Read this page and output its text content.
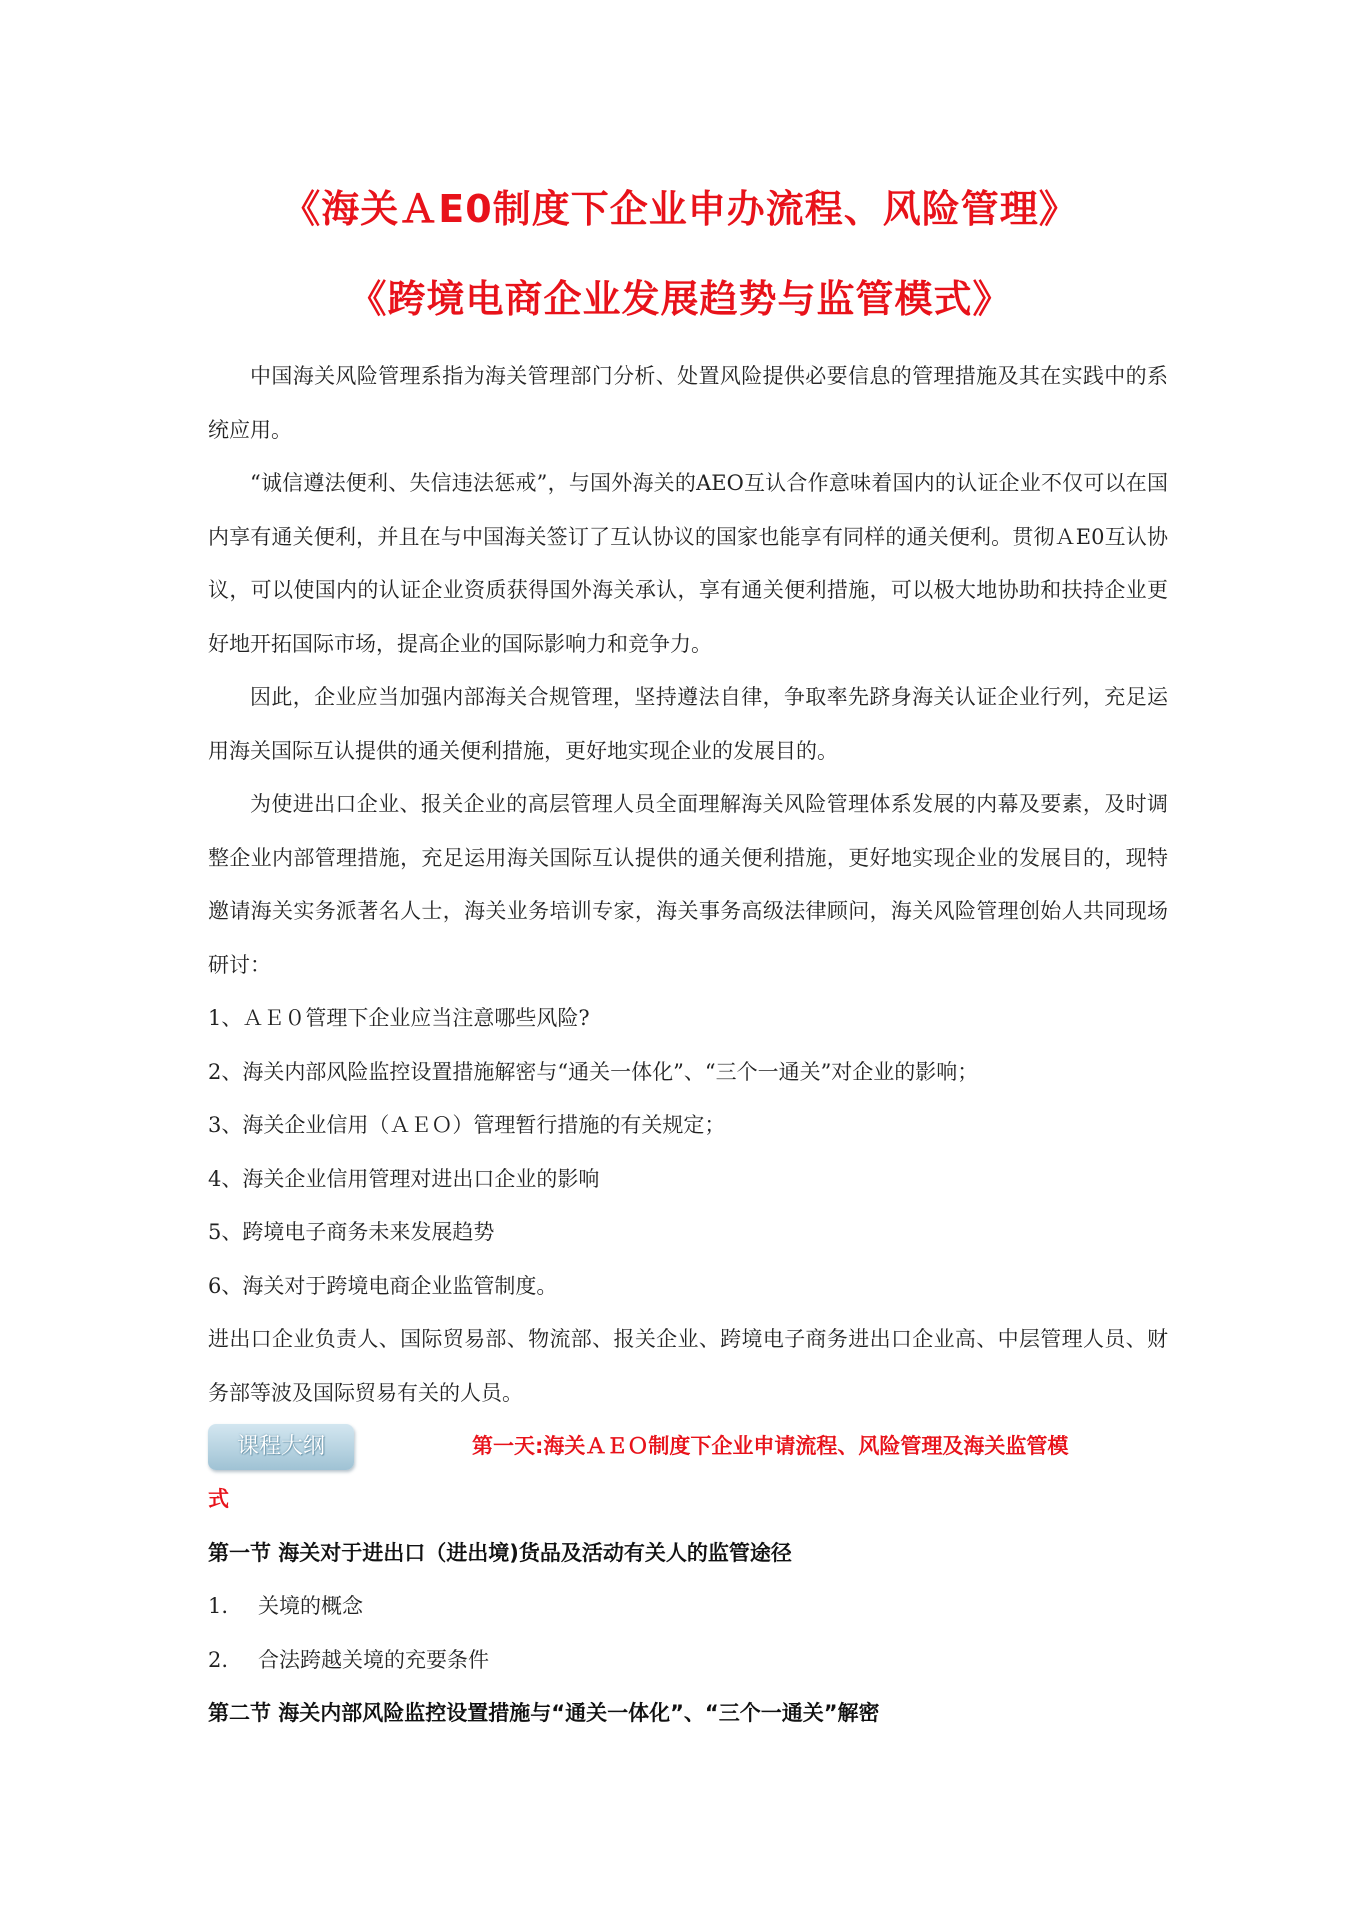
《海关ＡE0制度下企业申办流程、风险管理》
《跨境电商企业发展趋势与监管模式》

中国海关风险管理系指为海关管理部门分析、处置风险提供必要信息的管理措施及其在实践中的系统应用。

“诚信遵法便利、失信违法惩戒”，与国外海关的AEO互认合作意味着国内的认证企业不仅可以在国内享有通关便利，并且在与中国海关签订了互认协议的国家也能享有同样的通关便利。贯彻ＡE0互认协议，可以使国内的认证企业资质获得国外海关承认，享有通关便利措施，可以极大地协助和扶持企业更好地开拓国际市场，提高企业的国际影响力和竞争力。

因此，企业应当加强内部海关合规管理，坚持遵法自律，争取率先跻身海关认证企业行列，充足运用海关国际互认提供的通关便利措施，更好地实现企业的发展目的。

为使进出口企业、报关企业的高层管理人员全面理解海关风险管理体系发展的内幕及要素，及时调整企业内部管理措施，充足运用海关国际互认提供的通关便利措施，更好地实现企业的发展目的，现特邀请海关实务派著名人士，海关业务培训专家，海关事务高级法律顾问，海关风险管理创始人共同现场研讨：

1、ＡＥ０管理下企业应当注意哪些风险?

2、海关内部风险监控设置措施解密与“通关一体化”、“三个一通关”对企业的影响；

3、海关企业信用（ＡＥＯ）管理暂行措施的有关规定；

4、海关企业信用管理对进出口企业的影响

5、跨境电子商务未来发展趋势

6、海关对于跨境电商企业监管制度。

进出口企业负责人、国际贸易部、物流部、报关企业、跨境电子商务进出口企业高、中层管理人员、财务部等波及国际贸易有关的人员。

课程大纲	第一天:海关ＡＥＯ制度下企业申请流程、风险管理及海关监管模

式

第一节 海关对于进出口（进出境)货品及活动有关人的监管途径

1. 关境的概念

2. 合法跨越关境的充要条件

第二节 海关内部风险监控设置措施与“通关一体化”、“三个一通关”解密
